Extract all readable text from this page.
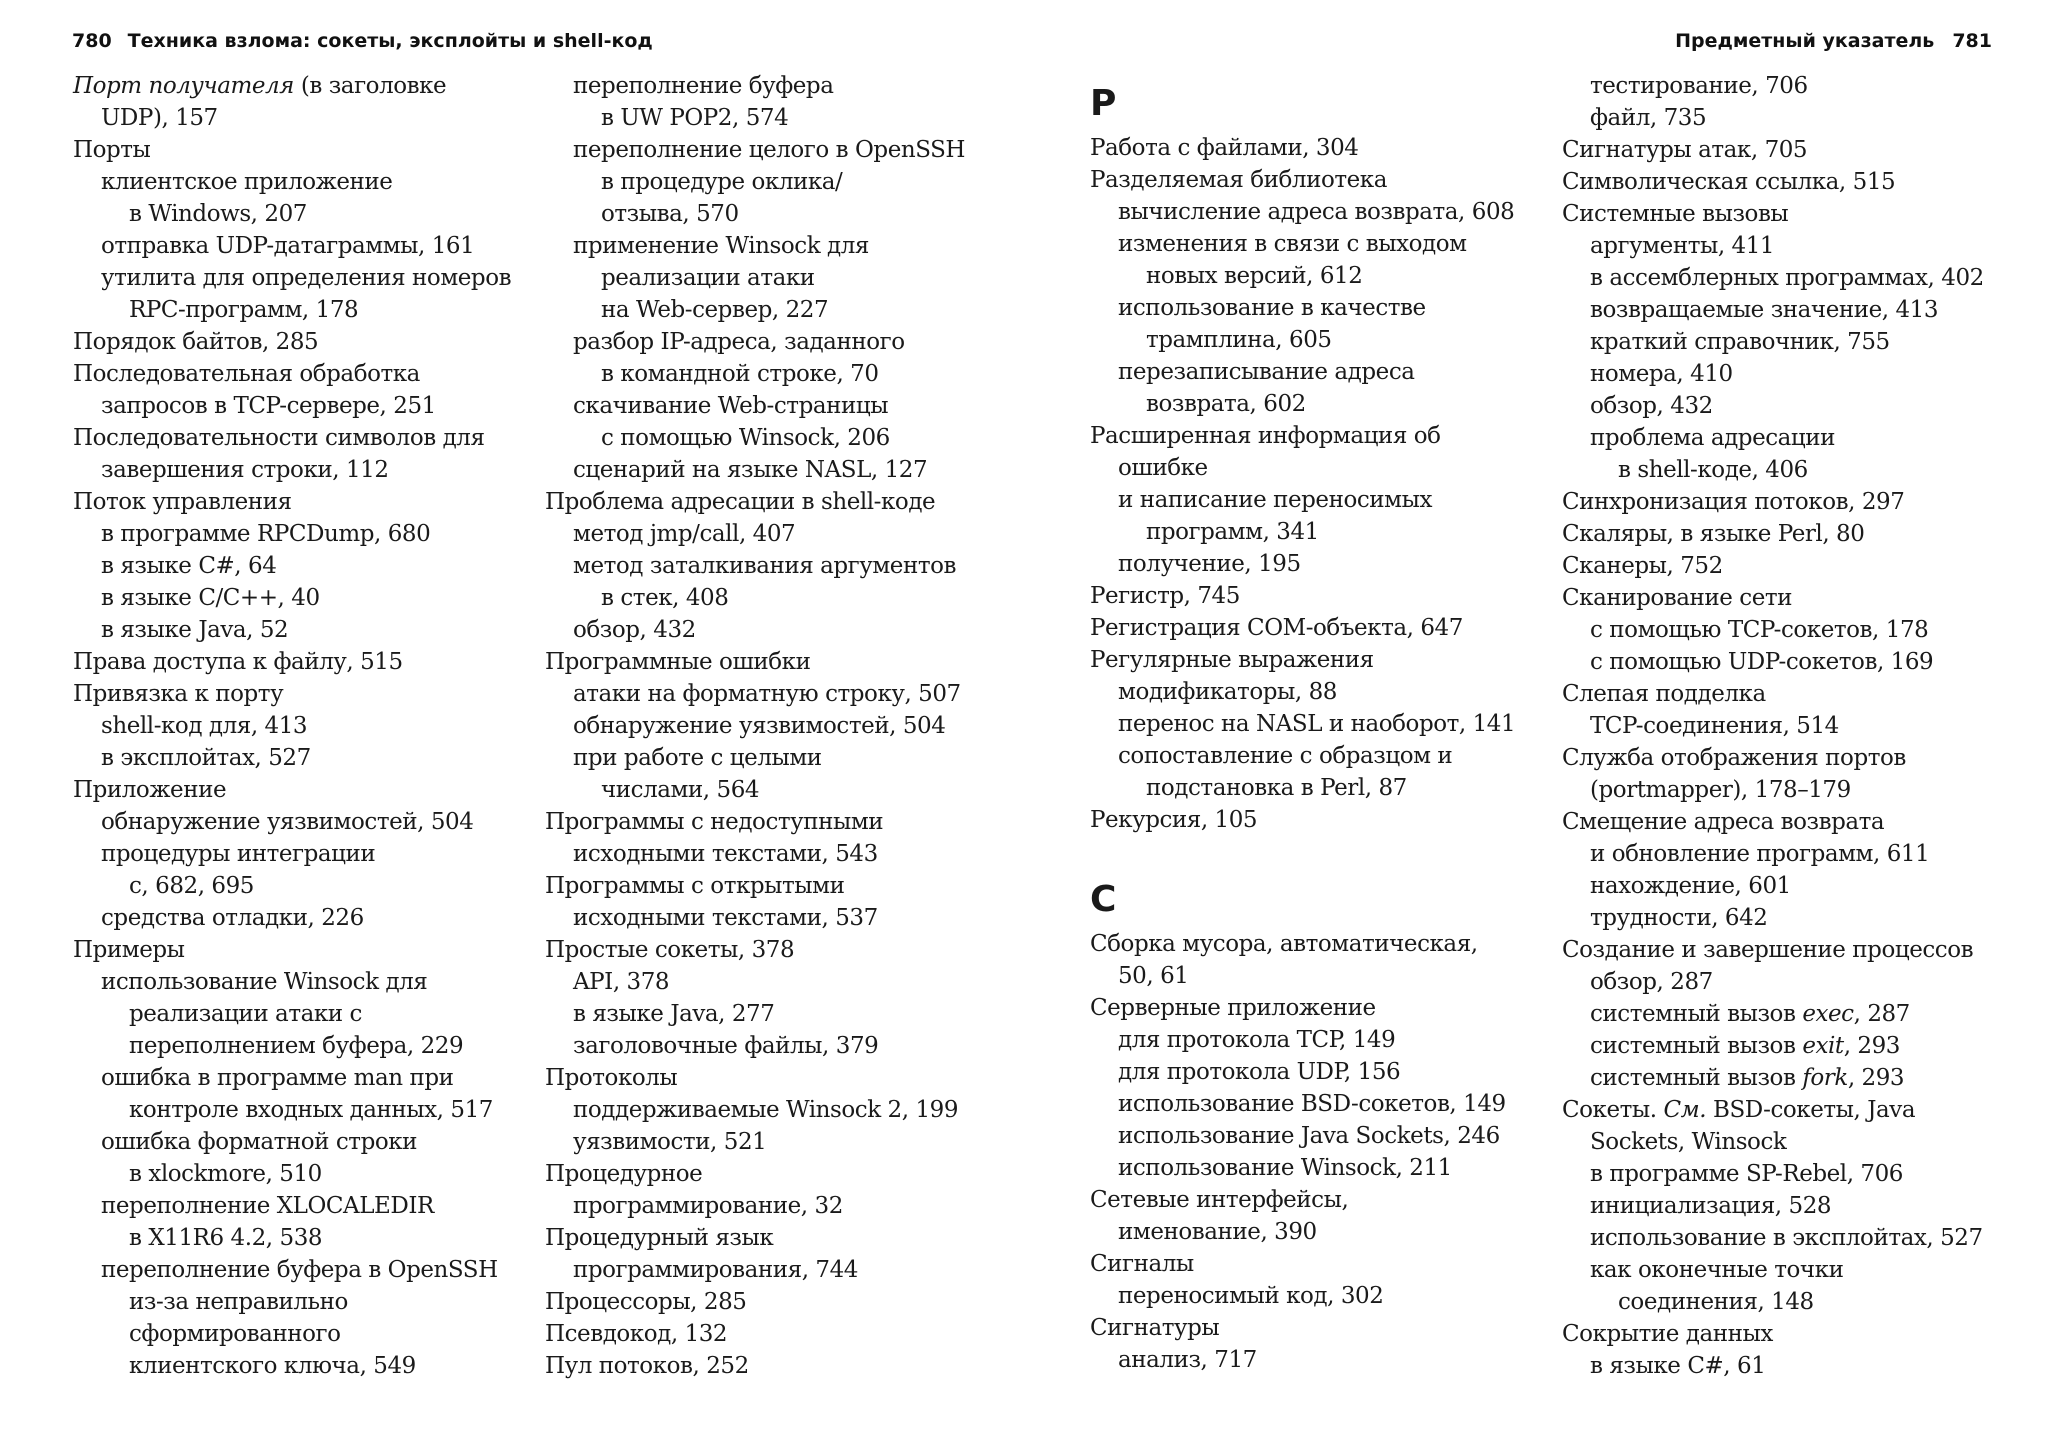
780 Техника взлома: сокеты, эксплойты и shell-код	Предметный указатель 781
Порт получателя (в заголовке
UDP), 157
Порты
клиентское приложение
в Windows, 207
отправка UDP-датаграммы, 161
утилита для определения номеров
RPC-программ, 178
Порядок байтов, 285
Последовательная обработка
запросов в TCP-сервере, 251
Последовательности символов для
завершения строки, 112
Поток управления
в программе RPCDump, 680
в языке C#, 64
в языке C/C++, 40
в языке Java, 52
Права доступа к файлу, 515
Привязка к порту
shell-код для, 413
в эксплойтах, 527
Приложение
обнаружение уязвимостей, 504
процедуры интеграции
с, 682, 695
средства отладки, 226
Примеры
использование Winsock для
реализации атаки с
переполнением буфера, 229
ошибка в программе man при
контроле входных данных, 517
ошибка форматной строки
в xlockmore, 510
переполнение XLOCALEDIR
в X11R6 4.2, 538
переполнение буфера в OpenSSH
из-за неправильно
сформированного
клиентского ключа, 549
переполнение буфера
в UW POP2, 574
переполнение целого в OpenSSH
в процедуре оклика/
отзыва, 570
применение Winsock для
реализации атаки
на Web-сервер, 227
разбор IP-адреса, заданного
в командной строке, 70
скачивание Web-страницы
с помощью Winsock, 206
сценарий на языке NASL, 127
Проблема адресации в shell-коде
метод jmp/call, 407
метод заталкивания аргументов
в стек, 408
обзор, 432
Программные ошибки
атаки на форматную строку, 507
обнаружение уязвимостей, 504
при работе с целыми
числами, 564
Программы с недоступными
исходными текстами, 543
Программы с открытыми
исходными текстами, 537
Простые сокеты, 378
API, 378
в языке Java, 277
заголовочные файлы, 379
Протоколы
поддерживаемые Winsock 2, 199
уязвимости, 521
Процедурное
программирование, 32
Процедурный язык
программирования, 744
Процессоры, 285
Псевдокод, 132
Пул потоков, 252
Р
Работа с файлами, 304
Разделяемая библиотека
вычисление адреса возврата, 608
изменения в связи с выходом
новых версий, 612
использование в качестве
трамплина, 605
перезаписывание адреса
возврата, 602
Расширенная информация об
ошибке
и написание переносимых
программ, 341
получение, 195
Регистр, 745
Регистрация COM-объекта, 647
Регулярные выражения
модификаторы, 88
перенос на NASL и наоборот, 141
сопоставление с образцом и
подстановка в Perl, 87
Рекурсия, 105
С
Сборка мусора, автоматическая,
50, 61
Серверные приложение
для протокола TCP, 149
для протокола UDP, 156
использование BSD-сокетов, 149
использование Java Sockets, 246
использование Winsock, 211
Сетевые интерфейсы,
именование, 390
Сигналы
переносимый код, 302
Сигнатуры
анализ, 717
тестирование, 706
файл, 735
Сигнатуры атак, 705
Символическая ссылка, 515
Системные вызовы
аргументы, 411
в ассемблерных программах, 402
возвращаемые значение, 413
краткий справочник, 755
номера, 410
обзор, 432
проблема адресации
в shell-коде, 406
Синхронизация потоков, 297
Скаляры, в языке Perl, 80
Сканеры, 752
Сканирование сети
с помощью TCP-сокетов, 178
с помощью UDP-сокетов, 169
Слепая подделка
TCP-соединения, 514
Служба отображения портов
(portmapper), 178–179
Смещение адреса возврата
и обновление программ, 611
нахождение, 601
трудности, 642
Создание и завершение процессов
обзор, 287
системный вызов exec, 287
системный вызов exit, 293
системный вызов fork, 293
Сокеты. См. BSD-сокеты, Java
Sockets, Winsock
в программе SP-Rebel, 706
инициализация, 528
использование в эксплойтах, 527
как оконечные точки
соединения, 148
Сокрытие данных
в языке C#, 61
